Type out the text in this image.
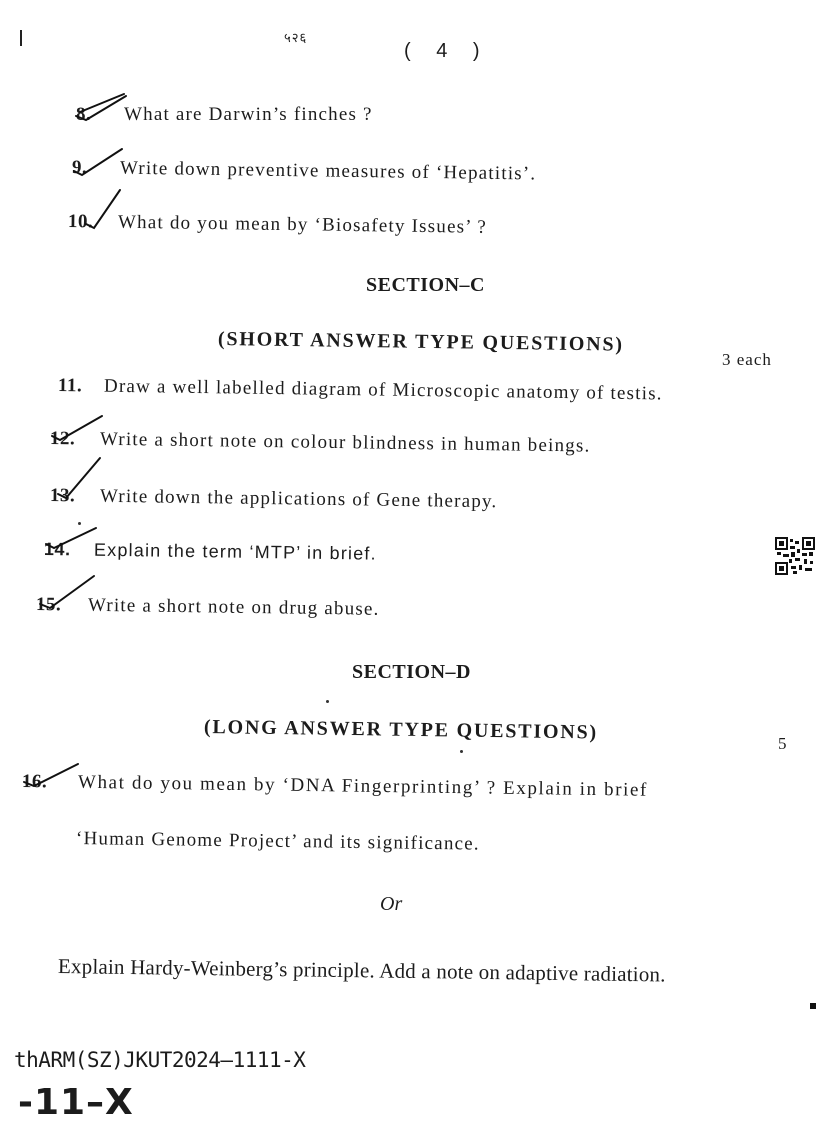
५२६
( 4 )
8. What are Darwin’s finches ?
9. Write down preventive measures of ‘Hepatitis’.
10. What do you mean by ‘Biosafety Issues’ ?
SECTION–C
(SHORT ANSWER TYPE QUESTIONS)
3 each
11. Draw a well labelled diagram of Microscopic anatomy of testis.
12. Write a short note on colour blindness in human beings.
13. Write down the applications of Gene therapy.
14. Explain the term ‘MTP’ in brief.
15. Write a short note on drug abuse.
SECTION–D
(LONG ANSWER TYPE QUESTIONS)	5
16. What do you mean by ‘DNA Fingerprinting’ ? Explain in brief
‘Human Genome Project’ and its significance.
Or
Explain Hardy-Weinberg’s principle. Add a note on adaptive radiation.
thARM(SZ)JKUT2024—1111-X
-11–X
